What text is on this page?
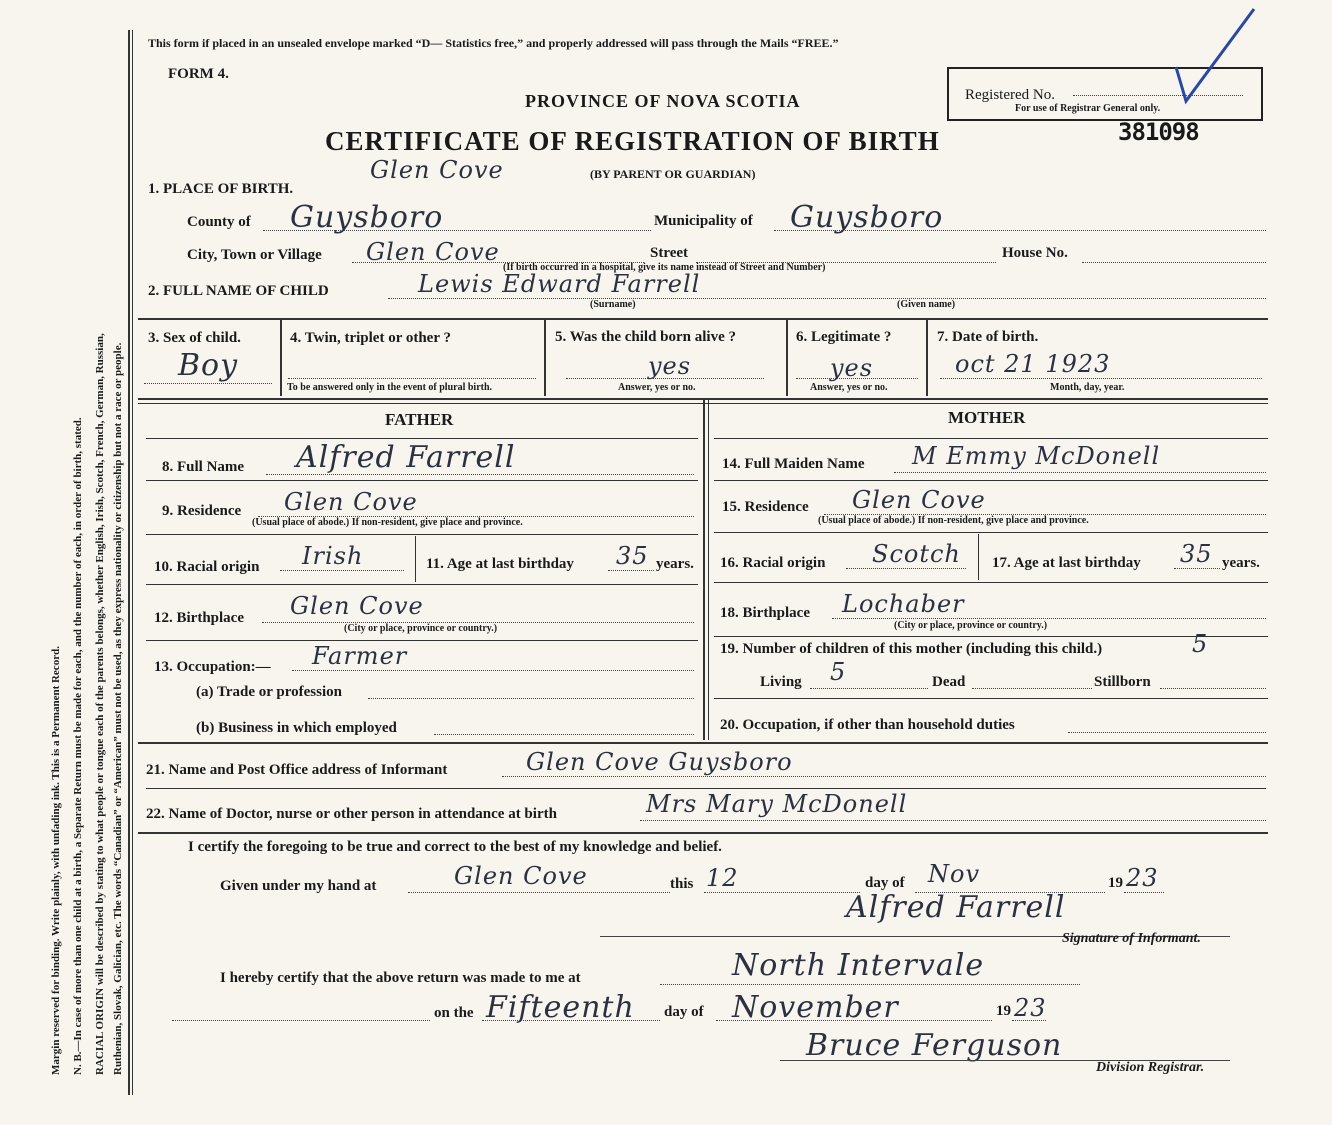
Margin reserved for binding. Write plainly, with unfading ink. This is a Permanent Record. N. B.—In case of more than one child at a birth, a Separate Return must be made for each, and the number of each, in order of birth, stated. RACIAL ORIGIN will be described by stating to what people or tongue each of the parents belongs, whether English, Irish, Scotch, French, German, Russian, Ruthenian, Slovak, Galician, etc. The words “Canadian” or “American” must not be used, as they express nationality or citizenship but not a race or people.
This form if placed in an unsealed envelope marked “D— Statistics free,” and properly addressed will pass through the Mails “FREE.”
FORM 4.
PROVINCE OF NOVA SCOTIA
CERTIFICATE OF REGISTRATION OF BIRTH
(BY PARENT OR GUARDIAN)
Registered No.
For use of Registrar General only.
381098
1. PLACE OF BIRTH.
Glen Cove
County of Guysboro	Municipality of Guysboro
City, Town or Village Glen Cove	Street	House No.
(If birth occurred in a hospital, give its name instead of Street and Number)
2. FULL NAME OF CHILD	Lewis Edward Farrell
(Surname)	(Given name)
3. Sex of child.
Boy
4. Twin, triplet or other ?
To be answered only in the event of plural birth.
5. Was the child born alive ?
yes
Answer, yes or no.
6. Legitimate ?
yes
Answer, yes or no.
7. Date of birth.
oct 21 1923
Month, day, year.
FATHER	MOTHER
8. Full Name Alfred Farrell
9. Residence Glen Cove
(Usual place of abode.) If non-resident, give place and province.
10. Racial origin Irish	11. Age at last birthday 35 years.
12. Birthplace Glen Cove
(City or place, province or country.)
13. Occupation:— Farmer
(a) Trade or profession
(b) Business in which employed
14. Full Maiden Name M Emmy McDonell
15. Residence Glen Cove
(Usual place of abode.) If non-resident, give place and province.
16. Racial origin Scotch 17. Age at last birthday 35 years.
18. Birthplace Lochaber
(City or place, province or country.)
19. Number of children of this mother (including this child.)	5
Living 5	Dead	Stillborn
20. Occupation, if other than household duties
21. Name and Post Office address of Informant	Glen Cove Guysboro
22. Name of Doctor, nurse or other person in attendance at birth	Mrs Mary McDonell
I certify the foregoing to be true and correct to the best of my knowledge and belief.
Given under my hand at	Glen Cove	this 12	day of Nov	19 23
Alfred Farrell
Signature of Informant.
I hereby certify that the above return was made to me at	North Intervale
on the Fifteenth day of November	19 23
Bruce Ferguson
Division Registrar.
